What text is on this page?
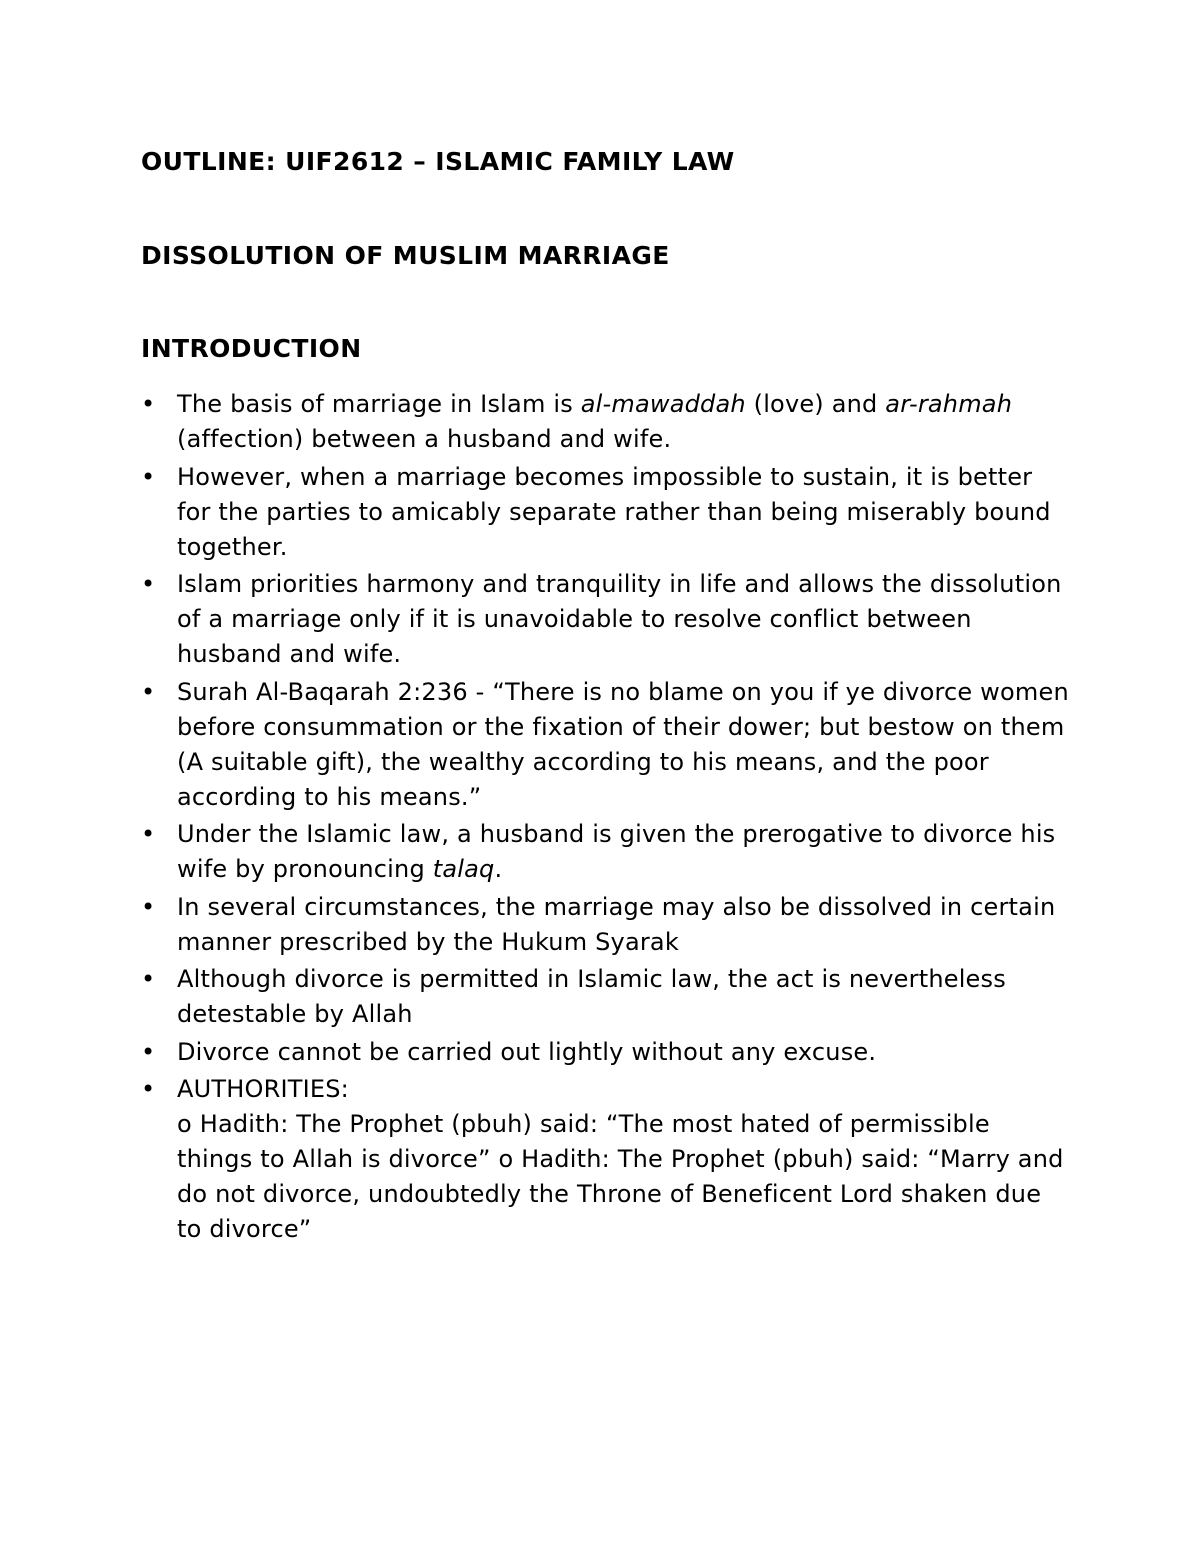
OUTLINE: UIF2612 – ISLAMIC FAMILY LAW
DISSOLUTION OF MUSLIM MARRIAGE
INTRODUCTION
• The basis of marriage in Islam is al-mawaddah (love) and ar-rahmah (affection) between a husband and wife.
• However, when a marriage becomes impossible to sustain, it is better for the parties to amicably separate rather than being miserably bound together.
• Islam priorities harmony and tranquility in life and allows the dissolution of a marriage only if it is unavoidable to resolve conflict between husband and wife.
• Surah Al-Baqarah 2:236 - “There is no blame on you if ye divorce women before consummation or the fixation of their dower; but bestow on them (A suitable gift), the wealthy according to his means, and the poor according to his means.”
• Under the Islamic law, a husband is given the prerogative to divorce his wife by pronouncing talaq.
• In several circumstances, the marriage may also be dissolved in certain manner prescribed by the Hukum Syarak
• Although divorce is permitted in Islamic law, the act is nevertheless detestable by Allah
• Divorce cannot be carried out lightly without any excuse.
• AUTHORITIES:
o Hadith: The Prophet (pbuh) said: “The most hated of permissible things to Allah is divorce” o Hadith: The Prophet (pbuh) said: “Marry and do not divorce, undoubtedly the Throne of Beneficent Lord shaken due to divorce”
